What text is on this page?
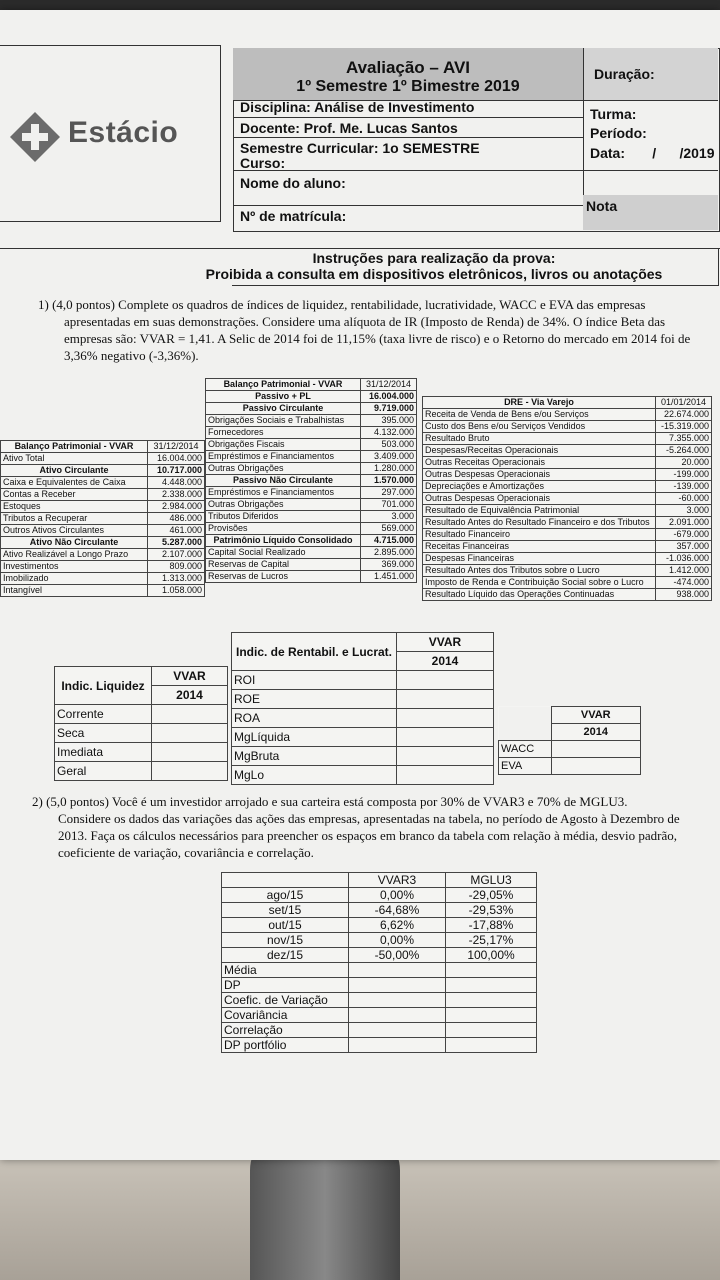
Estácio
Avaliação – AVI
1º Semestre 1º Bimestre 2019
Duração:
Disciplina: Análise de Investimento
Docente: Prof. Me. Lucas Santos
Semestre Curricular: 1o SEMESTRE
Curso:
Nome do aluno:
Nº de matrícula:
Turma:
Período:
Data:       /      /2019
Nota
Instruções para realização da prova:
Proibida a consulta em dispositivos eletrônicos, livros ou anotações
1) (4,0 pontos) Complete os quadros de índices de liquidez, rentabilidade, lucratividade, WACC e EVA das empresas
apresentadas em suas demonstrações. Considere uma alíquota de IR (Imposto de Renda) de 34%. O índice Beta das
empresas são: VVAR = 1,41. A Selic de 2014 foi de 11,15% (taxa livre de risco) e o Retorno do mercado em 2014 foi de
3,36% negativo (-3,36%).
Balanço Patrimonial - VVAR	31/12/2014
Passivo + PL	16.004.000
Passivo Circulante	9.719.000
Obrigações Sociais e Trabalhistas	395.000
Fornecedores	4.132.000
Obrigações Fiscais	503.000
Empréstimos e Financiamentos	3.409.000
Outras Obrigações	1.280.000
Passivo Não Circulante	1.570.000
Empréstimos e Financiamentos	297.000
Outras Obrigações	701.000
Tributos Diferidos	3.000
Provisões	569.000
Patrimônio Líquido Consolidado	4.715.000
Capital Social Realizado	2.895.000
Reservas de Capital	369.000
Reservas de Lucros	1.451.000
Balanço Patrimonial - VVAR	31/12/2014
Ativo Total	16.004.000
Ativo Circulante	10.717.000
Caixa e Equivalentes de Caixa	4.448.000
Contas a Receber	2.338.000
Estoques	2.984.000
Tributos a Recuperar	486.000
Outros Ativos Circulantes	461.000
Ativo Não Circulante	5.287.000
Ativo Realizável a Longo Prazo	2.107.000
Investimentos	809.000
Imobilizado	1.313.000
Intangível	1.058.000
DRE - Via Varejo	01/01/2014
Receita de Venda de Bens e/ou Serviços	22.674.000
Custo dos Bens e/ou Serviços Vendidos	-15.319.000
Resultado Bruto	7.355.000
Despesas/Receitas Operacionais	-5.264.000
Outras Receitas Operacionais	20.000
Outras Despesas Operacionais	-199.000
Depreciações e Amortizações	-139.000
Outras Despesas Operacionais	-60.000
Resultado de Equivalência Patrimonial	3.000
Resultado Antes do Resultado Financeiro e dos Tributos	2.091.000
Resultado Financeiro	-679.000
Receitas Financeiras	357.000
Despesas Financeiras	-1.036.000
Resultado Antes dos Tributos sobre o Lucro	1.412.000
Imposto de Renda e Contribuição Social sobre o Lucro	-474.000
Resultado Líquido das Operações Continuadas	938.000
Indic. Liquidez	VVAR
	2014
Corrente	
Seca	
Imediata	
Geral	
Indic. de Rentabil. e Lucrat.	VVAR
	2014
ROI	
ROE	
ROA	
MgLíquida	
MgBruta	
MgLo	
	VVAR
	2014
WACC	
EVA	
2) (5,0 pontos) Você é um investidor arrojado e sua carteira está composta por 30% de VVAR3 e 70% de MGLU3.
Considere os dados das variações das ações das empresas, apresentadas na tabela, no período de Agosto à Dezembro de
2013. Faça os cálculos necessários para preencher os espaços em branco da tabela com relação à média, desvio padrão,
coeficiente de variação, covariância e correlação.
	VVAR3	MGLU3
ago/15	0,00%	-29,05%
set/15	-64,68%	-29,53%
out/15	6,62%	-17,88%
nov/15	0,00%	-25,17%
dez/15	-50,00%	100,00%
Média		
DP		
Coefic. de Variação		
Covariância		
Correlação		
DP portfólio		
